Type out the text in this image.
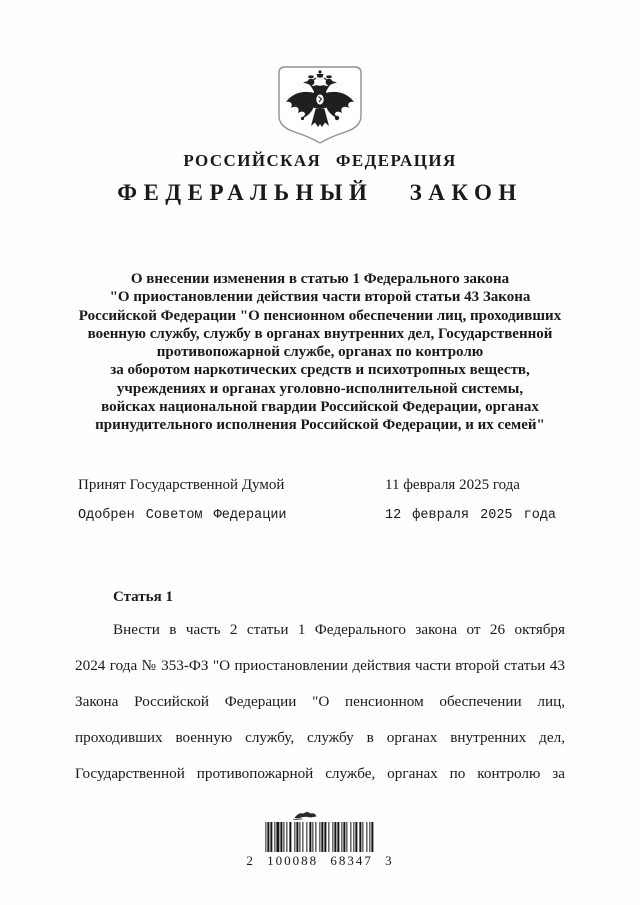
РОССИЙСКАЯ ФЕДЕРАЦИЯ
ФЕДЕРАЛЬНЫЙ ЗАКОН
О внесении изменения в статью 1 Федерального закона
"О приостановлении действия части второй статьи 43 Закона
Российской Федерации "О пенсионном обеспечении лиц, проходивших
военную службу, службу в органах внутренних дел, Государственной
противопожарной службе, органах по контролю
за оборотом наркотических средств и психотропных веществ,
учреждениях и органах уголовно-исполнительной системы,
войсках национальной гвардии Российской Федерации, органах
принудительного исполнения Российской Федерации, и их семей"
Принят Государственной Думой	11 февраля 2025 года
Одобрен Советом Федерации	12 февраля 2025 года
Статья 1
Внести в часть 2 статьи 1 Федерального закона от 26 октября
2024 года № 353-ФЗ "О приостановлении действия части второй статьи 43
Закона Российской Федерации "О пенсионном обеспечении лиц,
проходивших военную службу, службу в органах внутренних дел,
Государственной противопожарной службе, органах по контролю за
2 100088 68347 3
